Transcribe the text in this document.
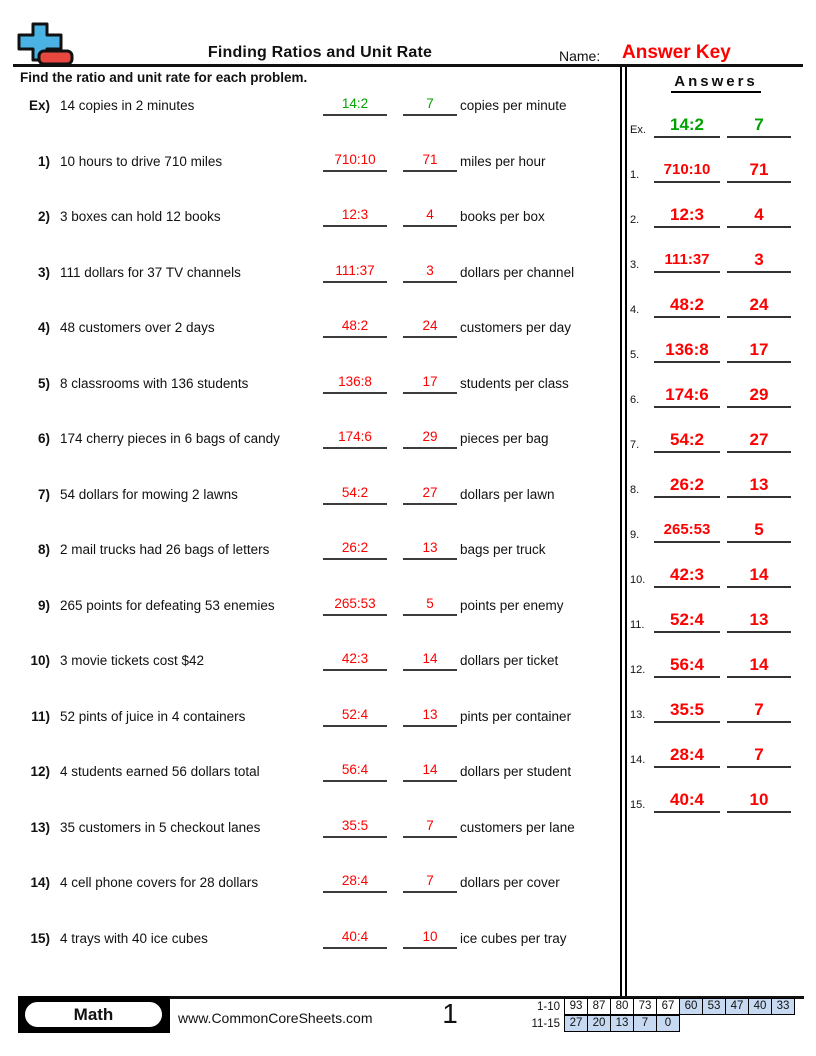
Finding Ratios and Unit Rate	Name: Answer Key
Find the ratio and unit rate for each problem.	Answers
Ex.	14:2	7
1.	710:10	71
2.	12:3	4
3.	111:37	3
4.	48:2	24
5.	136:8	17
6.	174:6	29
7.	54:2	27
8.	26:2	13
9.	265:53	5
10.	42:3	14
11.	52:4	13
12.	56:4	14
13.	35:5	7
14.	28:4	7
15.	40:4	10
Ex) 14 copies in 2 minutes	14:2	7	copies per minute
1) 10 hours to drive 710 miles	710:10	71	miles per hour
2) 3 boxes can hold 12 books	12:3	4	books per box
3) 111 dollars for 37 TV channels	111:37	3	dollars per channel
4) 48 customers over 2 days	48:2	24	customers per day
5) 8 classrooms with 136 students	136:8	17	students per class
6) 174 cherry pieces in 6 bags of candy	174:6	29	pieces per bag
7) 54 dollars for mowing 2 lawns	54:2	27	dollars per lawn
8) 2 mail trucks had 26 bags of letters	26:2	13	bags per truck
9) 265 points for defeating 53 enemies	265:53	5	points per enemy
10) 3 movie tickets cost $42	42:3	14	dollars per ticket
11) 52 pints of juice in 4 containers	52:4	13	pints per container
12) 4 students earned 56 dollars total	56:4	14	dollars per student
13) 35 customers in 5 checkout lanes	35:5	7	customers per lane
14) 4 cell phone covers for 28 dollars	28:4	7	dollars per cover
15) 4 trays with 40 ice cubes	40:4	10	ice cubes per tray
Math	www.CommonCoreSheets.com	1	1-10 93 87 80 73 67 60 53 47 40 33
11-15 27 20 13	7	0
